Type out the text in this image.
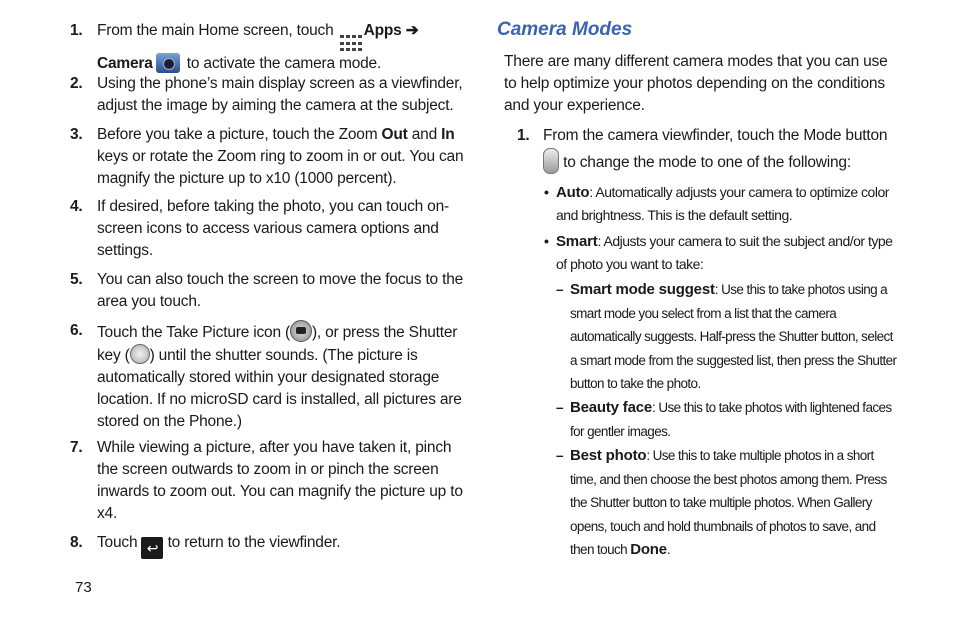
1. From the main Home screen, touch
Apps ➔
Camera to activate the camera mode.
2. Using the phone’s main display screen as a viewfinder, adjust the image by aiming the camera at the subject.
3. Before you take a picture, touch the Zoom Out and In keys or rotate the Zoom ring to zoom in or out. You can magnify the picture up to x10 (1000 percent).
4. If desired, before taking the photo, you can touch on-screen icons to access various camera options and settings.
5. You can also touch the screen to move the focus to the area you touch.
6. Touch the Take Picture icon ( ), or press the Shutter key ( ) until the shutter sounds. (The picture is automatically stored within your designated storage location. If no microSD card is installed, all pictures are stored on the Phone.)
7. While viewing a picture, after you have taken it, pinch the screen outwards to zoom in or pinch the screen inwards to zoom out. You can magnify the picture up to x4.
8. Touch ↩ to return to the viewfinder.
73
Camera Modes
There are many different camera modes that you can use to help optimize your photos depending on the conditions and your experience.
1. From the camera viewfinder, touch the Mode button  to change the mode to one of the following:
• Auto: Automatically adjusts your camera to optimize color and brightness. This is the default setting.
• Smart: Adjusts your camera to suit the subject and/or type of photo you want to take:
– Smart mode suggest: Use this to take photos using a smart mode you select from a list that the camera automatically suggests. Half-press the Shutter button, select a smart mode from the suggested list, then press the Shutter button to take the photo.
– Beauty face: Use this to take photos with lightened faces for gentler images.
– Best photo: Use this to take multiple photos in a short time, and then choose the best photos among them. Press the Shutter button to take multiple photos. When Gallery opens, touch and hold thumbnails of photos to save, and then touch Done.
